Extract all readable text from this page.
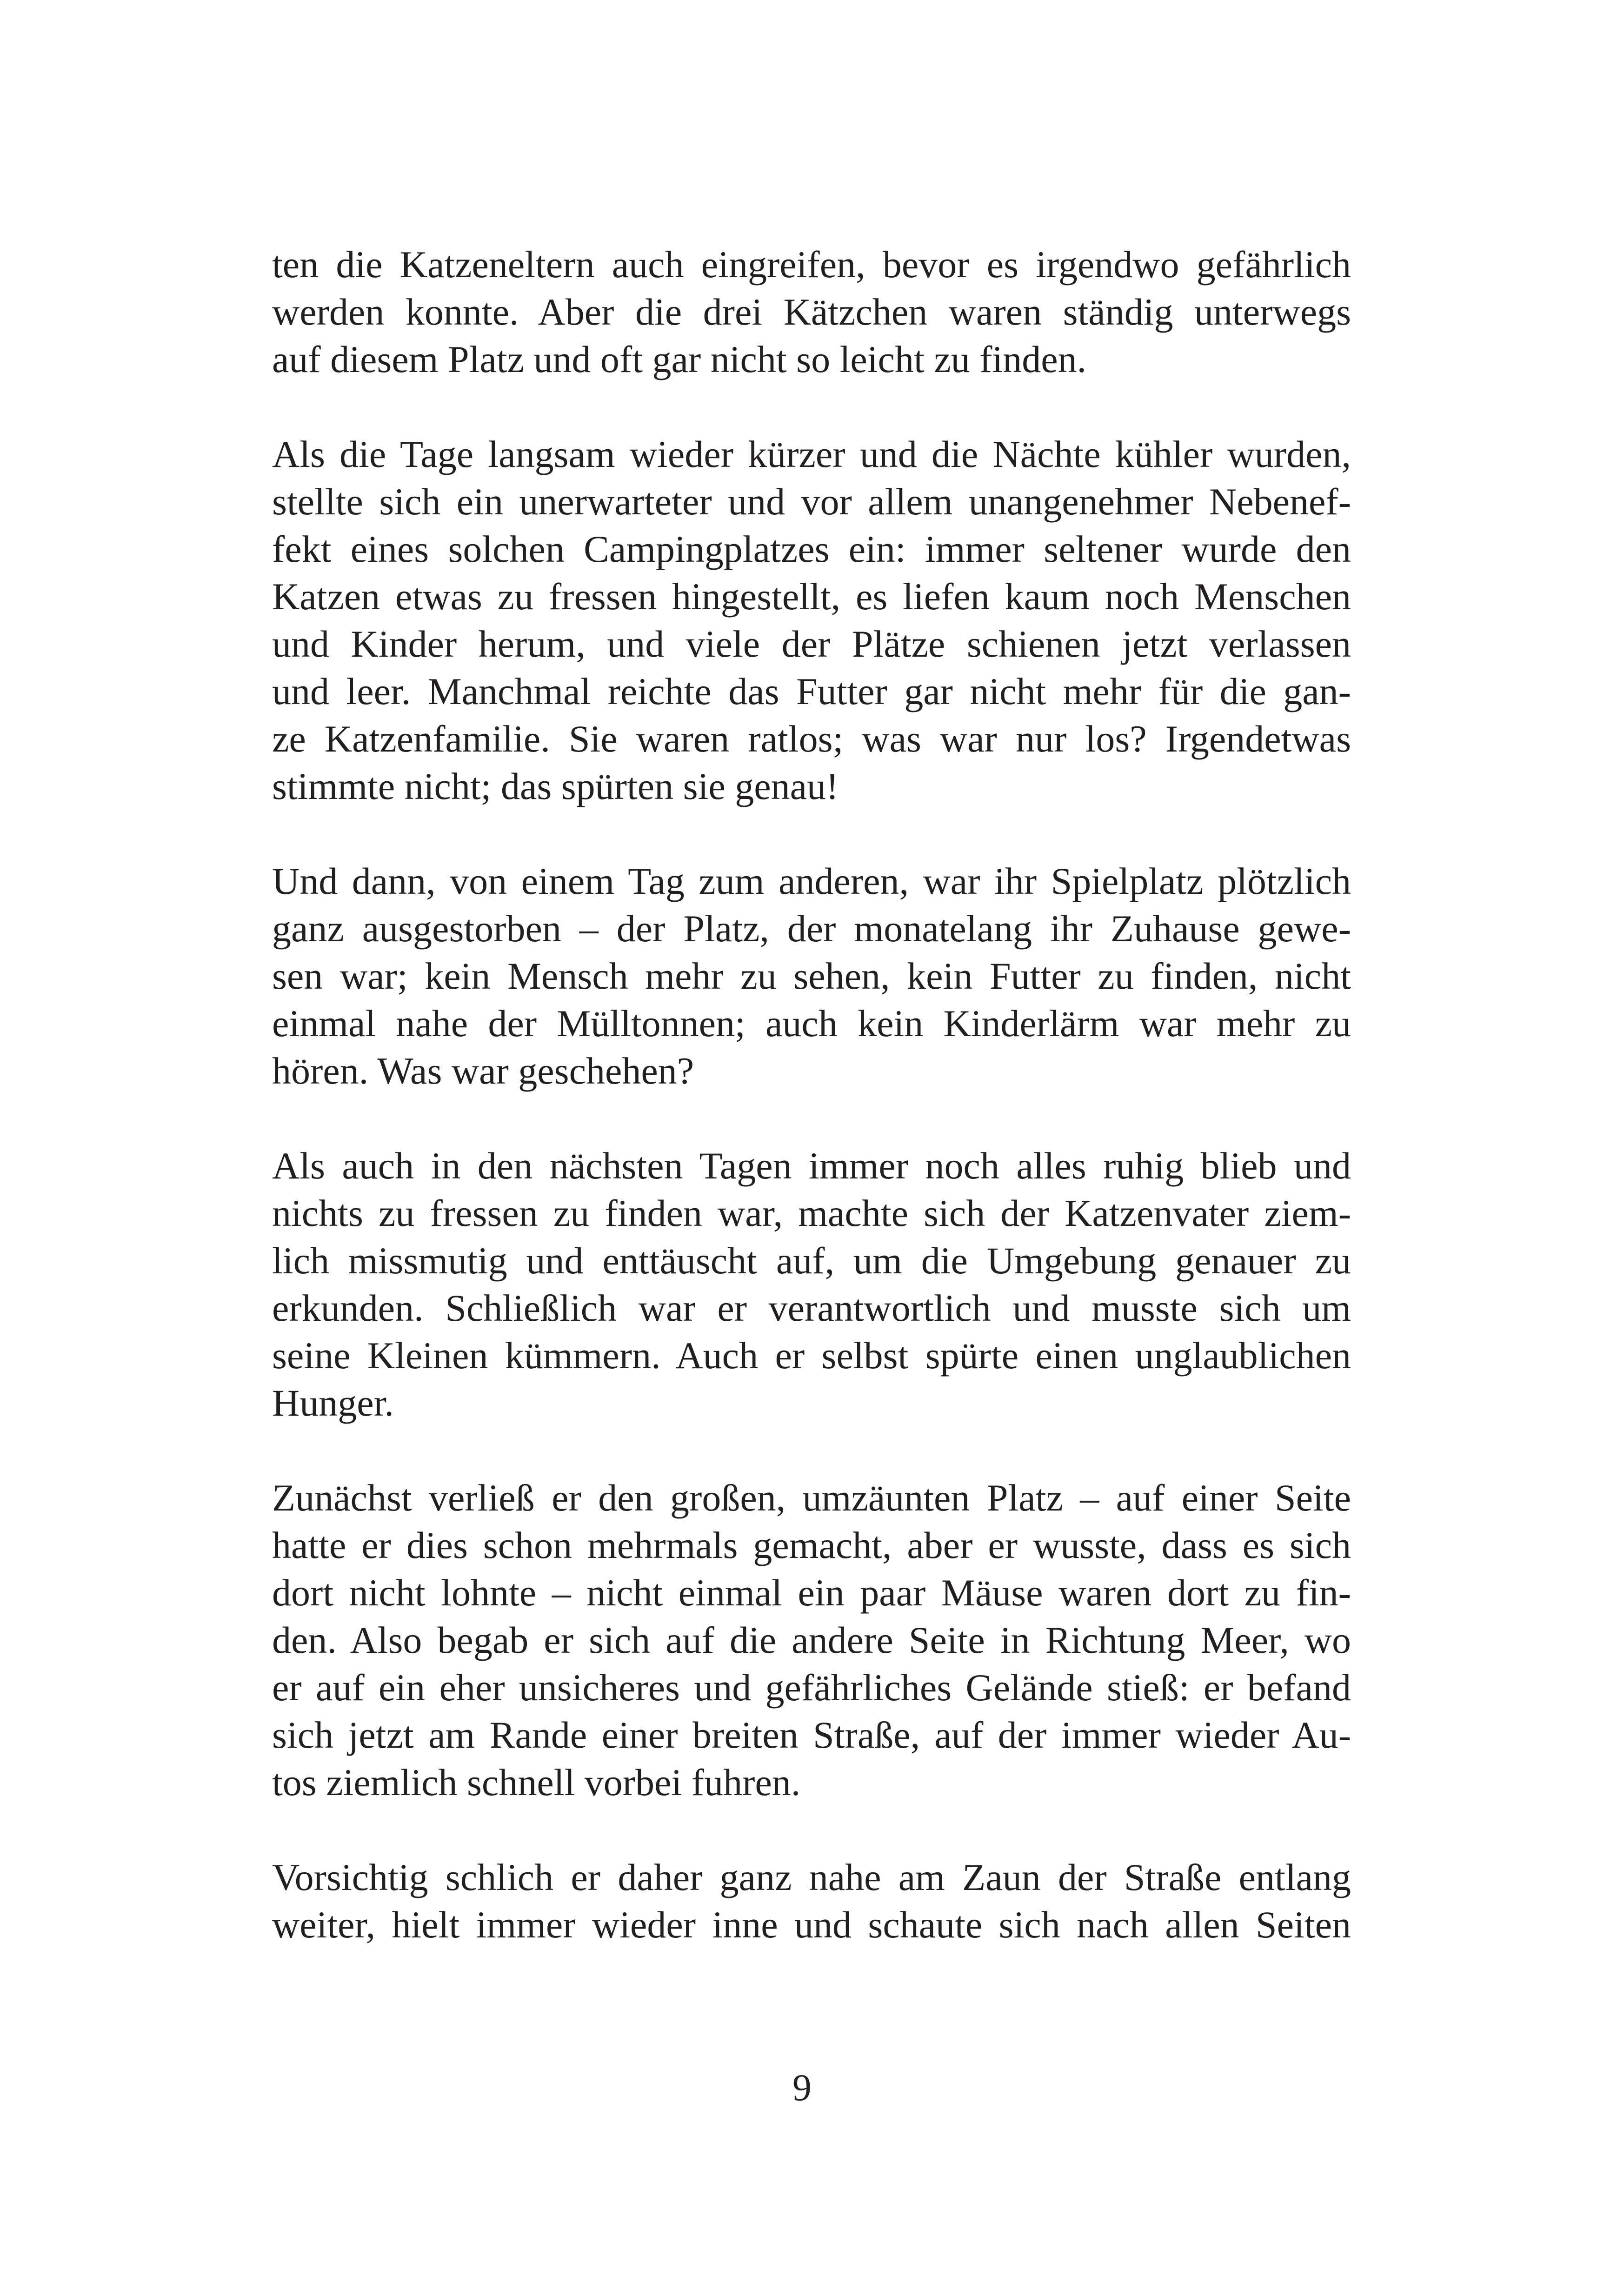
ten die Katzeneltern auch eingreifen, bevor es irgendwo gefährlich
werden konnte. Aber die drei Kätzchen waren ständig unterwegs
auf diesem Platz und oft gar nicht so leicht zu finden.

Als die Tage langsam wieder kürzer und die Nächte kühler wurden,
stellte sich ein unerwarteter und vor allem unangenehmer Nebenef-
fekt eines solchen Campingplatzes ein: immer seltener wurde den
Katzen etwas zu fressen hingestellt, es liefen kaum noch Menschen
und Kinder herum, und viele der Plätze schienen jetzt verlassen
und leer. Manchmal reichte das Futter gar nicht mehr für die gan-
ze Katzenfamilie. Sie waren ratlos; was war nur los? Irgendetwas
stimmte nicht; das spürten sie genau!

Und dann, von einem Tag zum anderen, war ihr Spielplatz plötzlich
ganz ausgestorben – der Platz, der monatelang ihr Zuhause gewe-
sen war; kein Mensch mehr zu sehen, kein Futter zu finden, nicht
einmal nahe der Mülltonnen; auch kein Kinderlärm war mehr zu
hören. Was war geschehen?

Als auch in den nächsten Tagen immer noch alles ruhig blieb und
nichts zu fressen zu finden war, machte sich der Katzenvater ziem-
lich missmutig und enttäuscht auf, um die Umgebung genauer zu
erkunden. Schließlich war er verantwortlich und musste sich um
seine Kleinen kümmern. Auch er selbst spürte einen unglaublichen
Hunger.

Zunächst verließ er den großen, umzäunten Platz – auf einer Seite
hatte er dies schon mehrmals gemacht, aber er wusste, dass es sich
dort nicht lohnte – nicht einmal ein paar Mäuse waren dort zu fin-
den. Also begab er sich auf die andere Seite in Richtung Meer, wo
er auf ein eher unsicheres und gefährliches Gelände stieß: er befand
sich jetzt am Rande einer breiten Straße, auf der immer wieder Au-
tos ziemlich schnell vorbei fuhren.

Vorsichtig schlich er daher ganz nahe am Zaun der Straße entlang
weiter, hielt immer wieder inne und schaute sich nach allen Seiten

9
